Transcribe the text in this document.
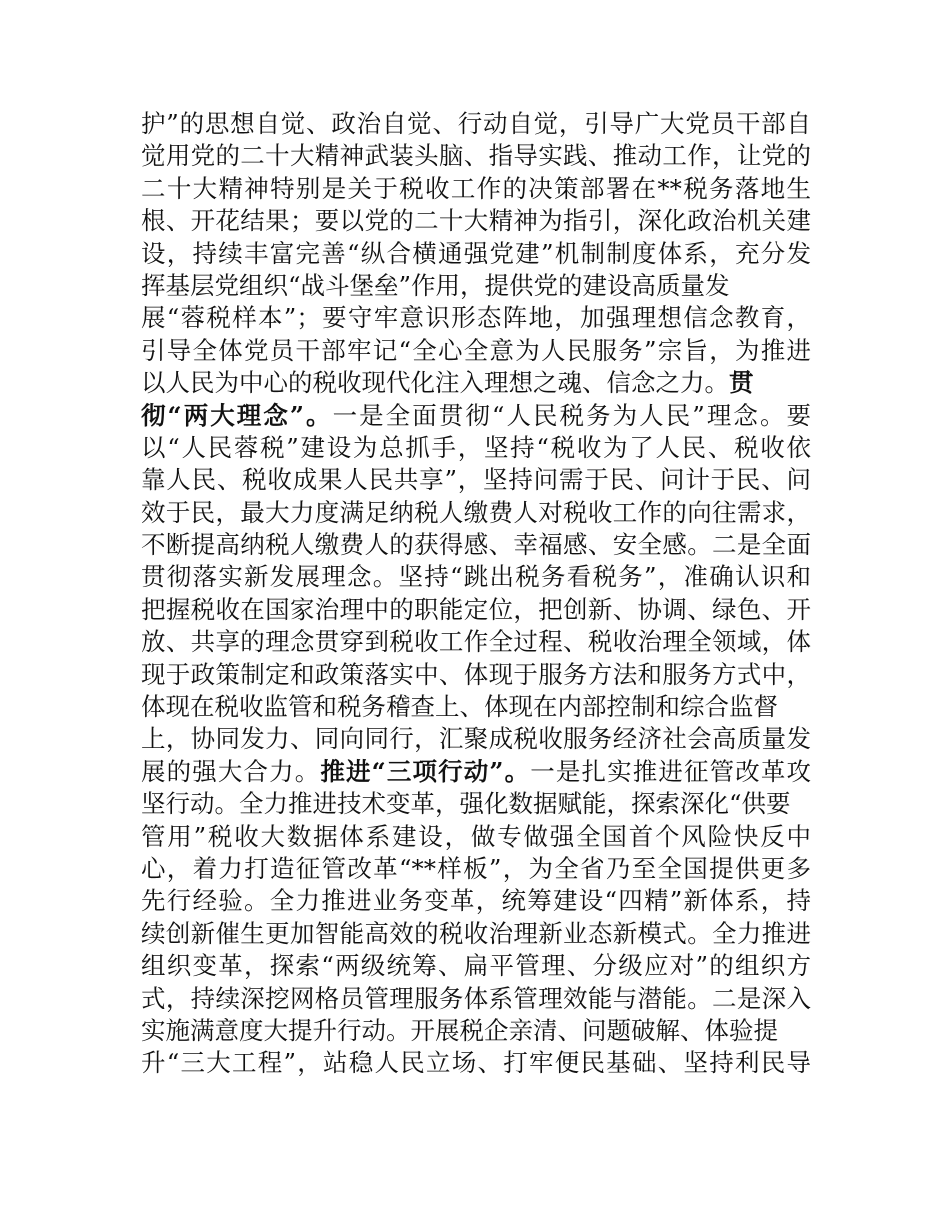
护”的思想自觉、政治自觉、行动自觉，引导广大党员干部自
觉用党的二十大精神武装头脑、指导实践、推动工作，让党的
二十大精神特别是关于税收工作的决策部署在**税务落地生
根、开花结果；要以党的二十大精神为指引，深化政治机关建
设，持续丰富完善“纵合横通强党建”机制制度体系，充分发
挥基层党组织“战斗堡垒”作用，提供党的建设高质量发
展“蓉税样本”；要守牢意识形态阵地，加强理想信念教育，
引导全体党员干部牢记“全心全意为人民服务”宗旨，为推进
以人民为中心的税收现代化注入理想之魂、信念之力。贯
彻“两大理念”。一是全面贯彻“人民税务为人民”理念。要
以“人民蓉税”建设为总抓手，坚持“税收为了人民、税收依
靠人民、税收成果人民共享”，坚持问需于民、问计于民、问
效于民，最大力度满足纳税人缴费人对税收工作的向往需求，
不断提高纳税人缴费人的获得感、幸福感、安全感。二是全面
贯彻落实新发展理念。坚持“跳出税务看税务”，准确认识和
把握税收在国家治理中的职能定位，把创新、协调、绿色、开
放、共享的理念贯穿到税收工作全过程、税收治理全领域，体
现于政策制定和政策落实中、体现于服务方法和服务方式中，
体现在税收监管和税务稽查上、体现在内部控制和综合监督
上，协同发力、同向同行，汇聚成税收服务经济社会高质量发
展的强大合力。推进“三项行动”。一是扎实推进征管改革攻
坚行动。全力推进技术变革，强化数据赋能，探索深化“供要
管用”税收大数据体系建设，做专做强全国首个风险快反中
心，着力打造征管改革“**样板”，为全省乃至全国提供更多
先行经验。全力推进业务变革，统筹建设“四精”新体系，持
续创新催生更加智能高效的税收治理新业态新模式。全力推进
组织变革，探索“两级统筹、扁平管理、分级应对”的组织方
式，持续深挖网格员管理服务体系管理效能与潜能。二是深入
实施满意度大提升行动。开展税企亲清、问题破解、体验提
升“三大工程”，站稳人民立场、打牢便民基础、坚持利民导
